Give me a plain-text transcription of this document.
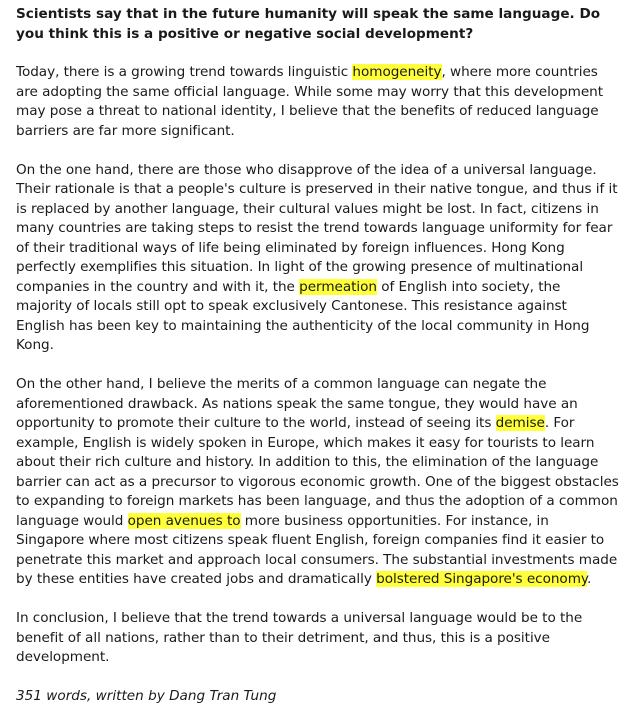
Scientists say that in the future humanity will speak the same language. Do you think this is a positive or negative social development?
Today, there is a growing trend towards linguistic homogeneity, where more countries are adopting the same official language. While some may worry that this development may pose a threat to national identity, I believe that the benefits of reduced language barriers are far more significant.
On the one hand, there are those who disapprove of the idea of a universal language. Their rationale is that a people's culture is preserved in their native tongue, and thus if it is replaced by another language, their cultural values might be lost. In fact, citizens in many countries are taking steps to resist the trend towards language uniformity for fear of their traditional ways of life being eliminated by foreign influences. Hong Kong perfectly exemplifies this situation. In light of the growing presence of multinational companies in the country and with it, the permeation of English into society, the majority of locals still opt to speak exclusively Cantonese. This resistance against English has been key to maintaining the authenticity of the local community in Hong Kong.
On the other hand, I believe the merits of a common language can negate the aforementioned drawback. As nations speak the same tongue, they would have an opportunity to promote their culture to the world, instead of seeing its demise. For example, English is widely spoken in Europe, which makes it easy for tourists to learn about their rich culture and history. In addition to this, the elimination of the language barrier can act as a precursor to vigorous economic growth. One of the biggest obstacles to expanding to foreign markets has been language, and thus the adoption of a common language would open avenues to more business opportunities. For instance, in Singapore where most citizens speak fluent English, foreign companies find it easier to penetrate this market and approach local consumers. The substantial investments made by these entities have created jobs and dramatically bolstered Singapore's economy.
In conclusion, I believe that the trend towards a universal language would be to the benefit of all nations, rather than to their detriment, and thus, this is a positive development.
351 words, written by Dang Tran Tung
